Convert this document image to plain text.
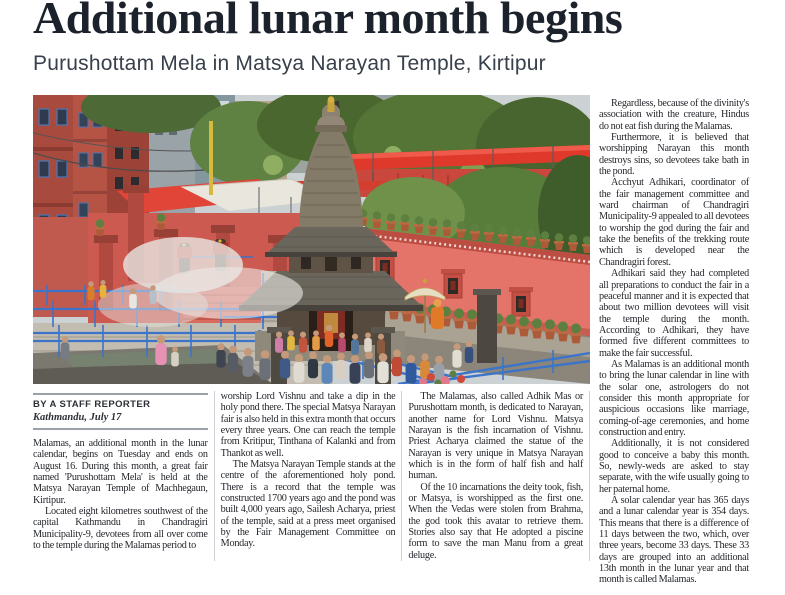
Additional lunar month begins
Purushottam Mela in Matsya Narayan Temple, Kirtipur
BY A STAFF REPORTER
Kathmandu, July 17

Malamas, an additional month in the lunar calendar, begins on Tuesday and ends on August 16. During this month, a great fair named 'Purushottam Mela' is held at the Matsya Narayan Temple of Machhegaun, Kirtipur.

Located eight kilometres southwest of the capital Kathmandu in Chandragiri Municipality-9, devotees from all over come to the temple during the Malamas period to

worship Lord Vishnu and take a dip in the holy pond there. The special Matsya Narayan fair is also held in this extra month that occurs every three years. One can reach the temple from Kritipur, Tinthana of Kalanki and from Thankot as well.

The Matsya Narayan Temple stands at the centre of the aforementioned holy pond. There is a record that the temple was constructed 1700 years ago and the pond was built 4,000 years ago, Sailesh Acharya, priest of the temple, said at a press meet organised by the Fair Management Committee on Monday.

The Malamas, also called Adhik Mas or Purushottam month, is dedicated to Narayan, another name for Lord Vishnu. Matsya Narayan is the fish incarnation of Vishnu. Priest Acharya claimed the statue of the Narayan is very unique in Matsya Narayan which is in the form of half fish and half human.

Of the 10 incarnations the deity took, fish, or Matsya, is worshipped as the first one. When the Vedas were stolen from Brahma, the god took this avatar to retrieve them. Stories also say that He adopted a piscine form to save the man Manu from a great deluge.

Regardless, because of the divinity's association with the creature, Hindus do not eat fish during the Malamas.

Furthermore, it is believed that worshipping Narayan this month destroys sins, so devotees take bath in the pond.

Acchyut Adhikari, coordinator of the fair management committee and ward chairman of Chandragiri Municipality-9 appealed to all devotees to worship the god during the fair and take the benefits of the trekking route which is developed near the Chandragiri forest.

Adhikari said they had completed all preparations to conduct the fair in a peaceful manner and it is expected that about two million devotees will visit the temple during the month. According to Adhikari, they have formed five different committees to make the fair successful.

As Malamas is an additional month to bring the lunar calendar in line with the solar one, astrologers do not consider this month appropriate for auspicious occasions like marriage, coming-of-age ceremonies, and home construction and entry.

Additionally, it is not considered good to conceive a baby this month. So, newly-weds are asked to stay separate, with the wife usually going to her paternal home.

A solar calendar year has 365 days and a lunar calendar year is 354 days. This means that there is a difference of 11 days between the two, which, over three years, become 33 days. These 33 days are grouped into an additional 13th month in the lunar year and that month is called Malamas.
